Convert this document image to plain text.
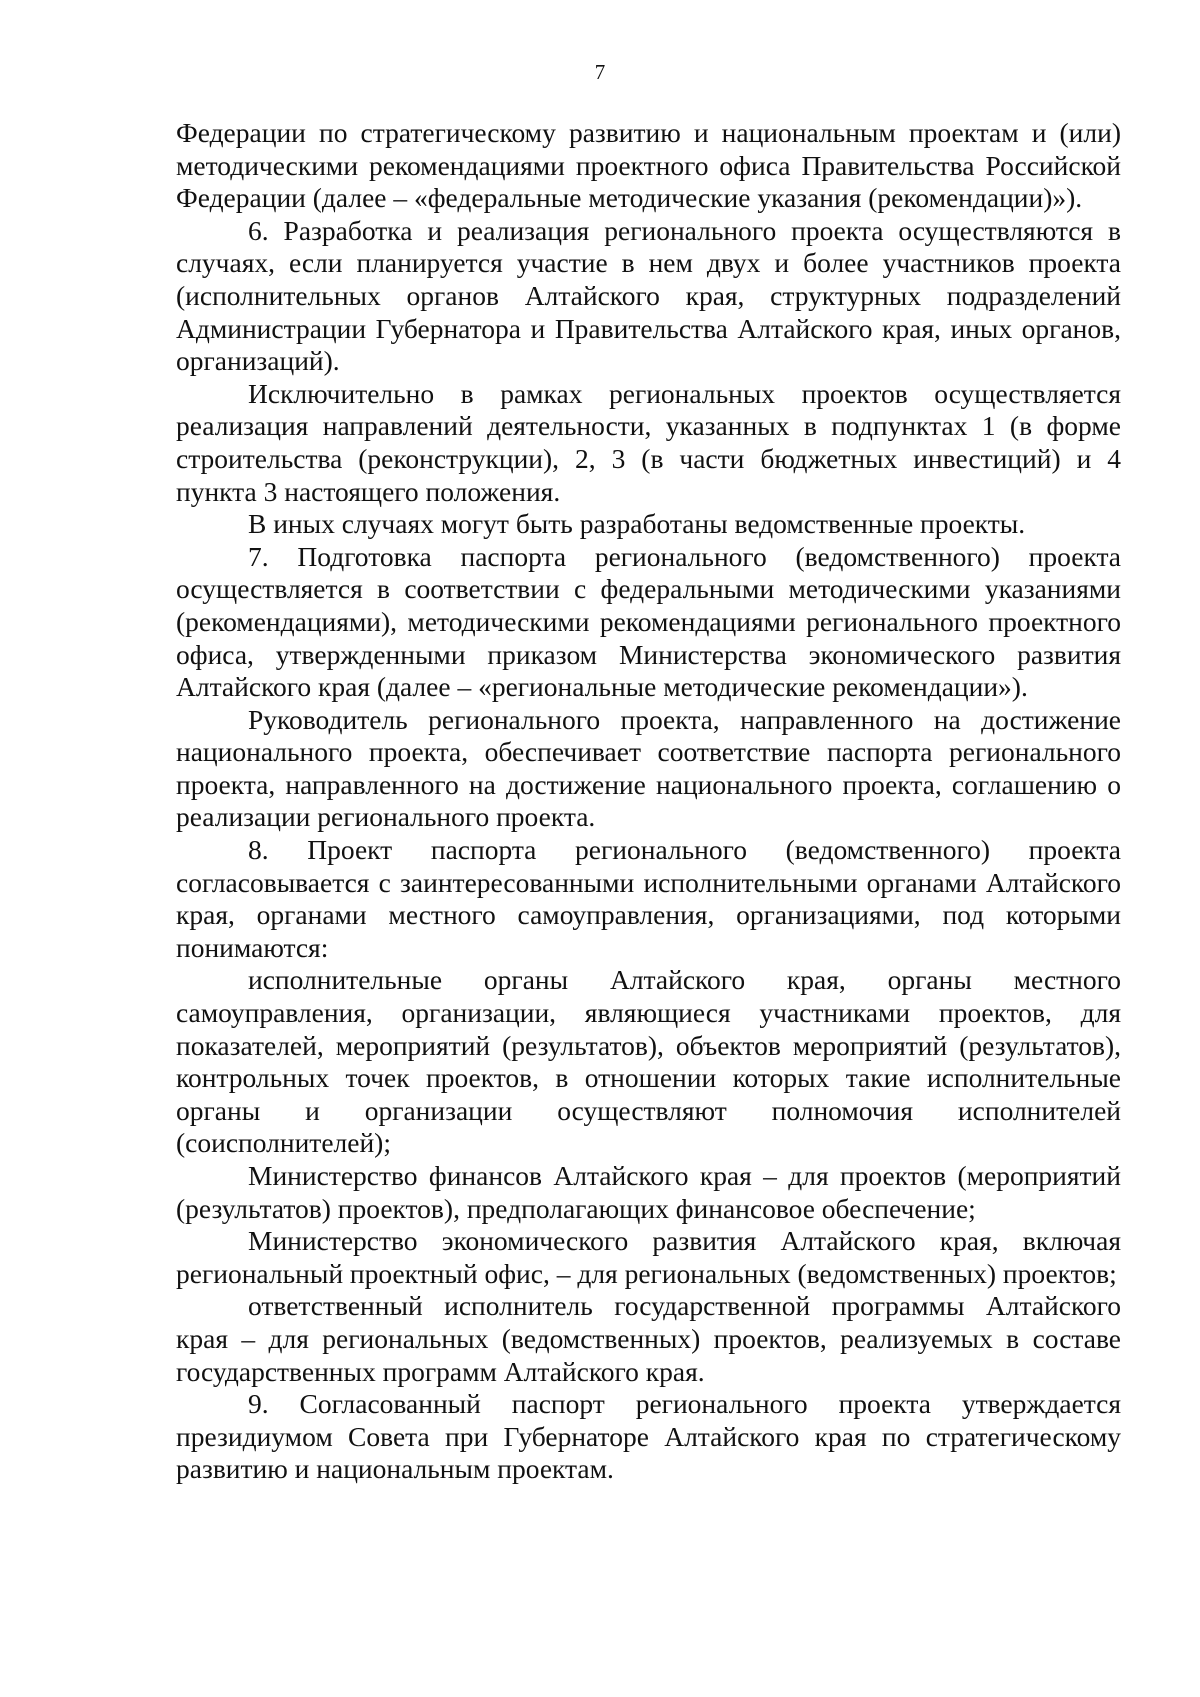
7

Федерации по стратегическому развитию и национальным проектам и (или) методическими рекомендациями проектного офиса Правительства Российской Федерации (далее – «федеральные методические указания (рекомендации)»).

6. Разработка и реализация регионального проекта осуществляются в случаях, если планируется участие в нем двух и более участников проекта (исполнительных органов Алтайского края, структурных подразделений Администрации Губернатора и Правительства Алтайского края, иных органов, организаций).

Исключительно в рамках региональных проектов осуществляется реализация направлений деятельности, указанных в подпунктах 1 (в форме строительства (реконструкции), 2, 3 (в части бюджетных инвестиций) и 4 пункта 3 настоящего положения.

В иных случаях могут быть разработаны ведомственные проекты.

7. Подготовка паспорта регионального (ведомственного) проекта осуществляется в соответствии с федеральными методическими указаниями (рекомендациями), методическими рекомендациями регионального проектного офиса, утвержденными приказом Министерства экономического развития Алтайского края (далее – «региональные методические рекомендации»).

Руководитель регионального проекта, направленного на достижение национального проекта, обеспечивает соответствие паспорта регионального проекта, направленного на достижение национального проекта, соглашению о реализации регионального проекта.

8. Проект паспорта регионального (ведомственного) проекта согласовывается с заинтересованными исполнительными органами Алтайского края, органами местного самоуправления, организациями, под которыми понимаются:

исполнительные органы Алтайского края, органы местного самоуправления, организации, являющиеся участниками проектов, для показателей, мероприятий (результатов), объектов мероприятий (результатов), контрольных точек проектов, в отношении которых такие исполнительные органы и организации осуществляют полномочия исполнителей (соисполнителей);

Министерство финансов Алтайского края – для проектов (мероприятий (результатов) проектов), предполагающих финансовое обеспечение;

Министерство экономического развития Алтайского края, включая региональный проектный офис, – для региональных (ведомственных) проектов;

ответственный исполнитель государственной программы Алтайского края – для региональных (ведомственных) проектов, реализуемых в составе государственных программ Алтайского края.

9. Согласованный паспорт регионального проекта утверждается президиумом Совета при Губернаторе Алтайского края по стратегическому развитию и национальным проектам.
